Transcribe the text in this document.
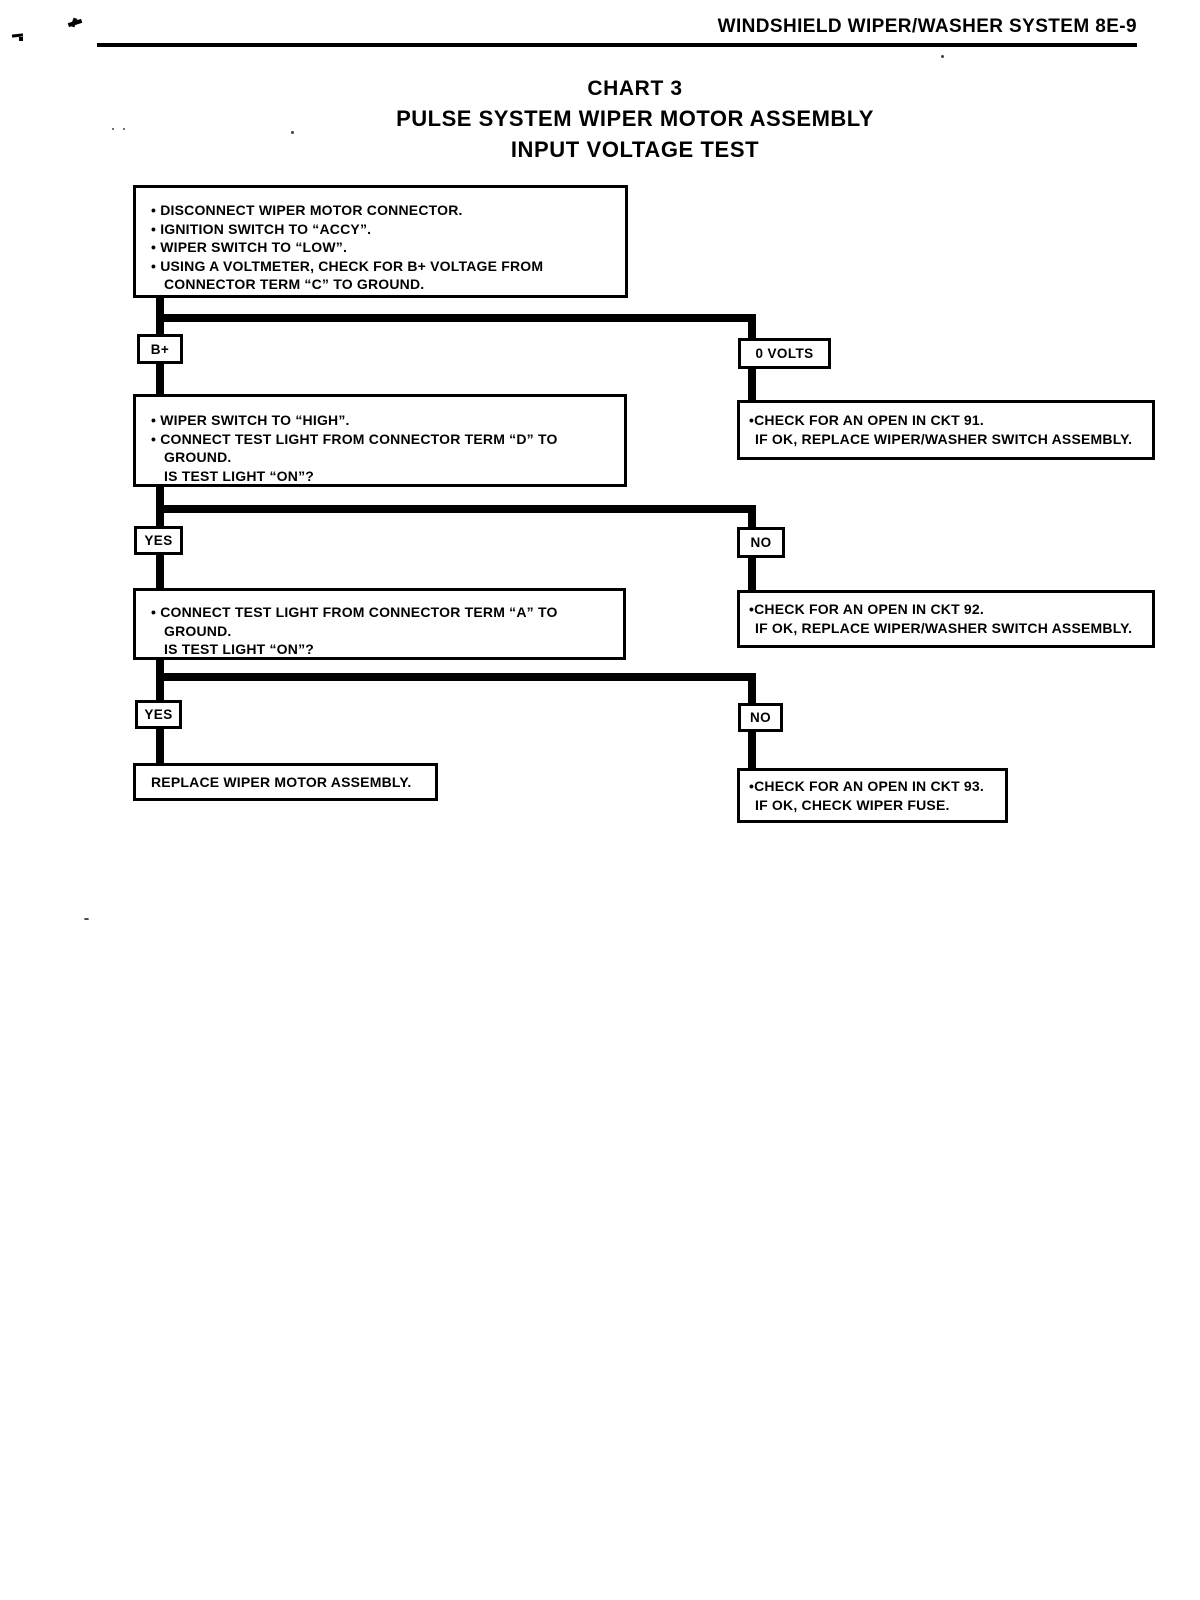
WINDSHIELD WIPER/WASHER SYSTEM 8E-9
CHART 3
PULSE SYSTEM WIPER MOTOR ASSEMBLY
INPUT VOLTAGE TEST
• DISCONNECT WIPER MOTOR CONNECTOR.
• IGNITION SWITCH TO “ACCY”.
• WIPER SWITCH TO “LOW”.
• USING A VOLTMETER, CHECK FOR B+ VOLTAGE FROM
CONNECTOR TERM “C” TO GROUND.
B+	0 VOLTS
• WIPER SWITCH TO “HIGH”.
• CONNECT TEST LIGHT FROM CONNECTOR TERM “D” TO
GROUND.
IS TEST LIGHT “ON”?
•CHECK FOR AN OPEN IN CKT 91.
IF OK, REPLACE WIPER/WASHER SWITCH ASSEMBLY.
YES	NO
• CONNECT TEST LIGHT FROM CONNECTOR TERM “A” TO
GROUND.
IS TEST LIGHT “ON”?
•CHECK FOR AN OPEN IN CKT 92.
IF OK, REPLACE WIPER/WASHER SWITCH ASSEMBLY.
YES	NO
REPLACE WIPER MOTOR ASSEMBLY.	•CHECK FOR AN OPEN IN CKT 93.
IF OK, CHECK WIPER FUSE.
